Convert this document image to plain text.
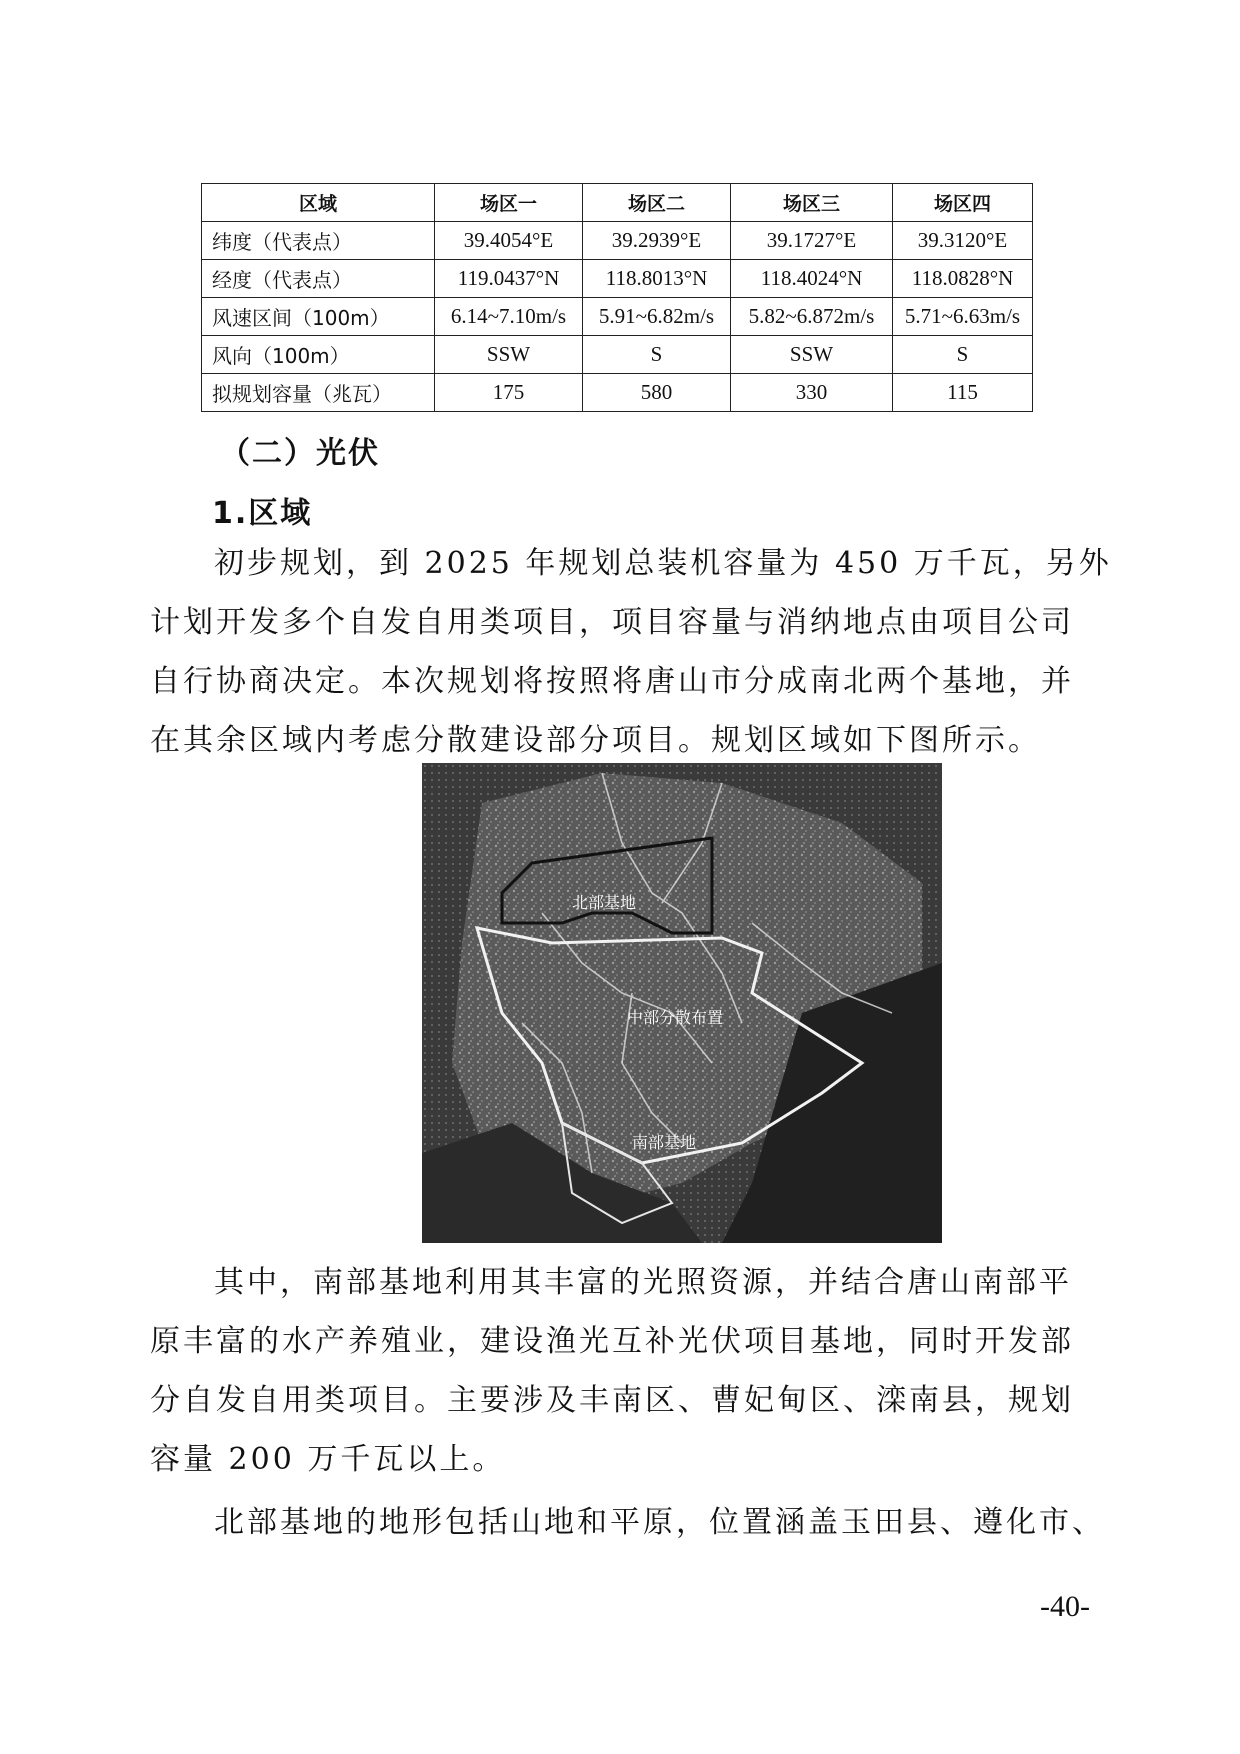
区域	场区一	场区二	场区三	场区四
纬度（代表点）	39.4054°E	39.2939°E	39.1727°E	39.3120°E
经度（代表点）	119.0437°N	118.8013°N	118.4024°N	118.0828°N
风速区间（100m）	6.14~7.10m/s	5.91~6.82m/s	5.82~6.872m/s	5.71~6.63m/s
风向（100m）	SSW	S	SSW	S
拟规划容量（兆瓦）	175	580	330	115
（二）光伏
1.区域
初步规划，到 2025 年规划总装机容量为 450 万千瓦，另外
计划开发多个自发自用类项目，项目容量与消纳地点由项目公司
自行协商决定。本次规划将按照将唐山市分成南北两个基地，并
在其余区域内考虑分散建设部分项目。规划区域如下图所示。
北部基地
中部分散布置
南部基地
其中，南部基地利用其丰富的光照资源，并结合唐山南部平
原丰富的水产养殖业，建设渔光互补光伏项目基地，同时开发部
分自发自用类项目。主要涉及丰南区、曹妃甸区、滦南县，规划
容量 200 万千瓦以上。
北部基地的地形包括山地和平原，位置涵盖玉田县、遵化市、
-40-
